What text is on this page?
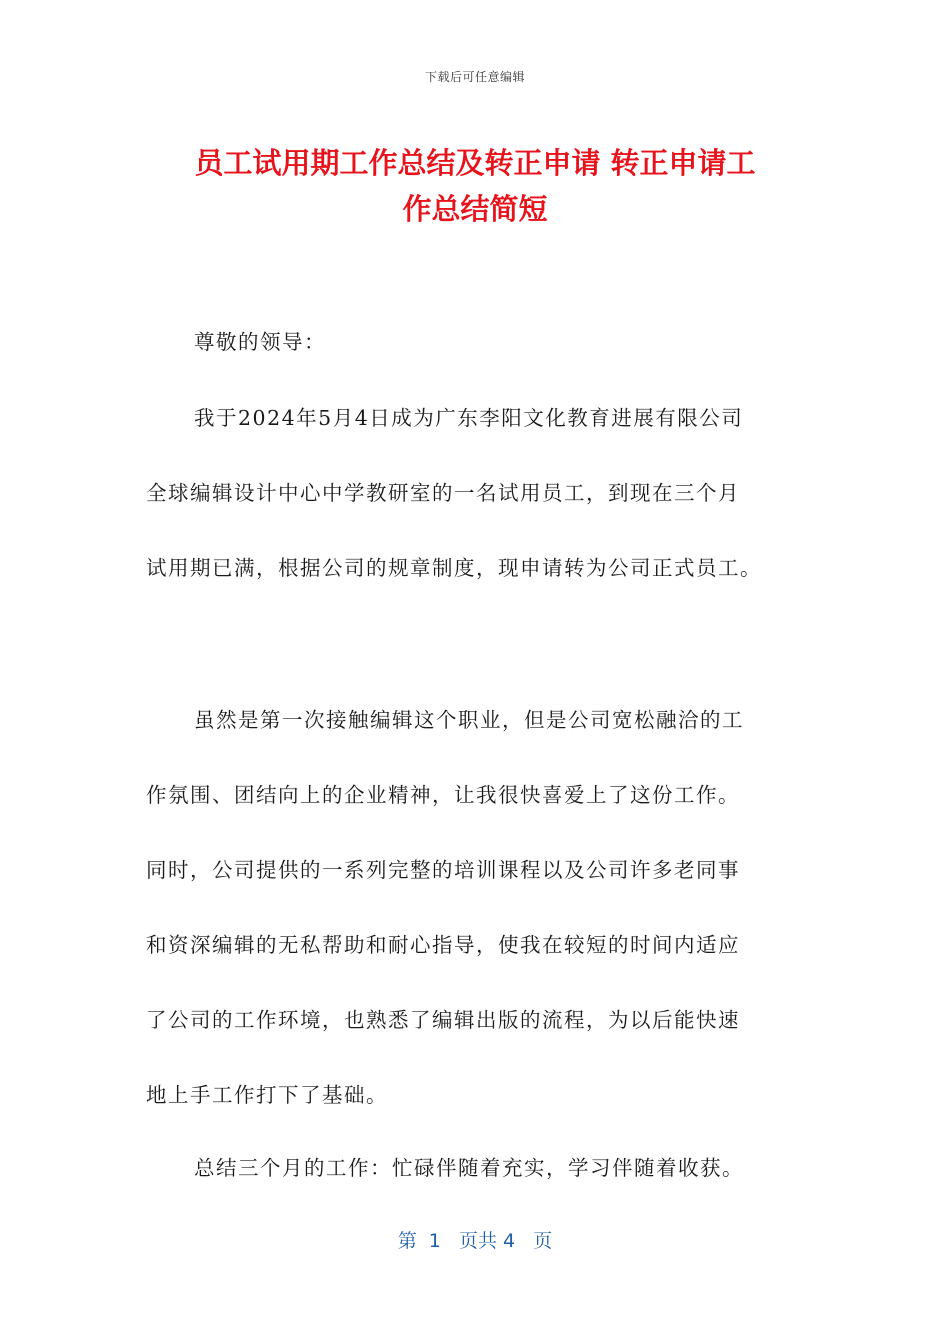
下载后可任意编辑
员工试用期工作总结及转正申请 转正申请工
作总结简短
尊敬的领导：
我于2024年5月4日成为广东李阳文化教育进展有限公司
全球编辑设计中心中学教研室的一名试用员工，到现在三个月
试用期已满，根据公司的规章制度，现申请转为公司正式员工。
虽然是第一次接触编辑这个职业，但是公司宽松融洽的工
作氛围、团结向上的企业精神，让我很快喜爱上了这份工作。
同时，公司提供的一系列完整的培训课程以及公司许多老同事
和资深编辑的无私帮助和耐心指导，使我在较短的时间内适应
了公司的工作环境，也熟悉了编辑出版的流程，为以后能快速
地上手工作打下了基础。
总结三个月的工作：忙碌伴随着充实，学习伴随着收获。
第  1   页共 4   页
